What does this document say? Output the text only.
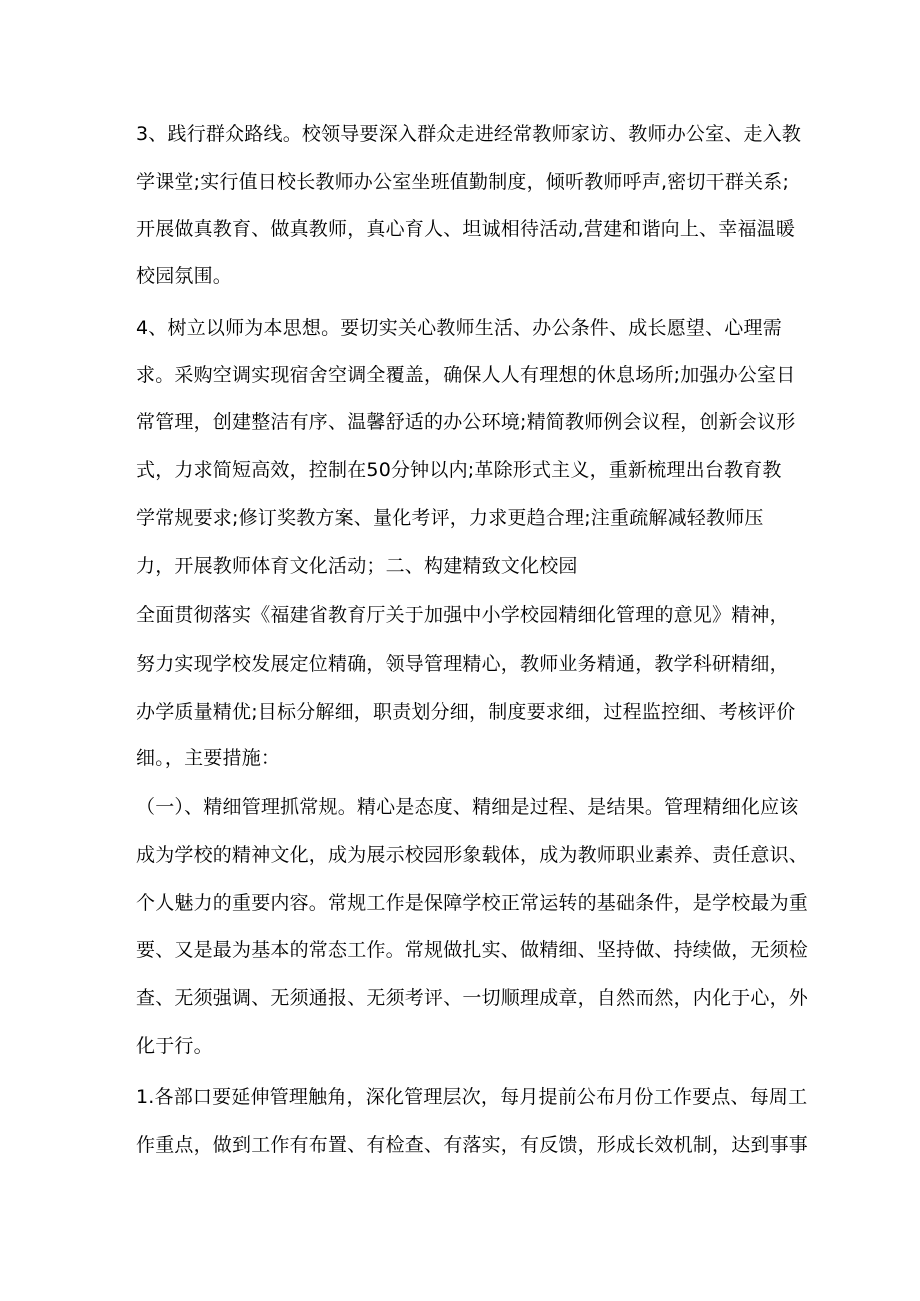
3、践行群众路线。校领导要深入群众走进经常教师家访、教师办公室、走入教
学课堂;实行值日校长教师办公室坐班值勤制度，倾听教师呼声,密切干群关系;
开展做真教育、做真教师，真心育人、坦诚相待活动,营建和谐向上、幸福温暖
校园氛围。
4、树立以师为本思想。要切实关心教师生活、办公条件、成长愿望、心理需
求。采购空调实现宿舍空调全覆盖，确保人人有理想的休息场所;加强办公室日
常管理，创建整洁有序、温馨舒适的办公环境;精简教师例会议程，创新会议形
式，力求简短高效，控制在50分钟以内;革除形式主义，重新梳理出台教育教
学常规要求;修订奖教方案、量化考评，力求更趋合理;注重疏解减轻教师压
力，开展教师体育文化活动；二、构建精致文化校园
全面贯彻落实《福建省教育厅关于加强中小学校园精细化管理的意见》精神，
努力实现学校发展定位精确，领导管理精心，教师业务精通，教学科研精细，
办学质量精优;目标分解细，职责划分细，制度要求细，过程监控细、考核评价
细。，主要措施：
（一）、精细管理抓常规。精心是态度、精细是过程、是结果。管理精细化应该
成为学校的精神文化，成为展示校园形象载体，成为教师职业素养、责任意识、
个人魅力的重要内容。常规工作是保障学校正常运转的基础条件，是学校最为重
要、又是最为基本的常态工作。常规做扎实、做精细、坚持做、持续做，无须检
查、无须强调、无须通报、无须考评、一切顺理成章，自然而然，内化于心，外
化于行。
1.各部口要延伸管理触角，深化管理层次，每月提前公布月份工作要点、每周工
作重点，做到工作有布置、有检查、有落实，有反馈，形成长效机制，达到事事
